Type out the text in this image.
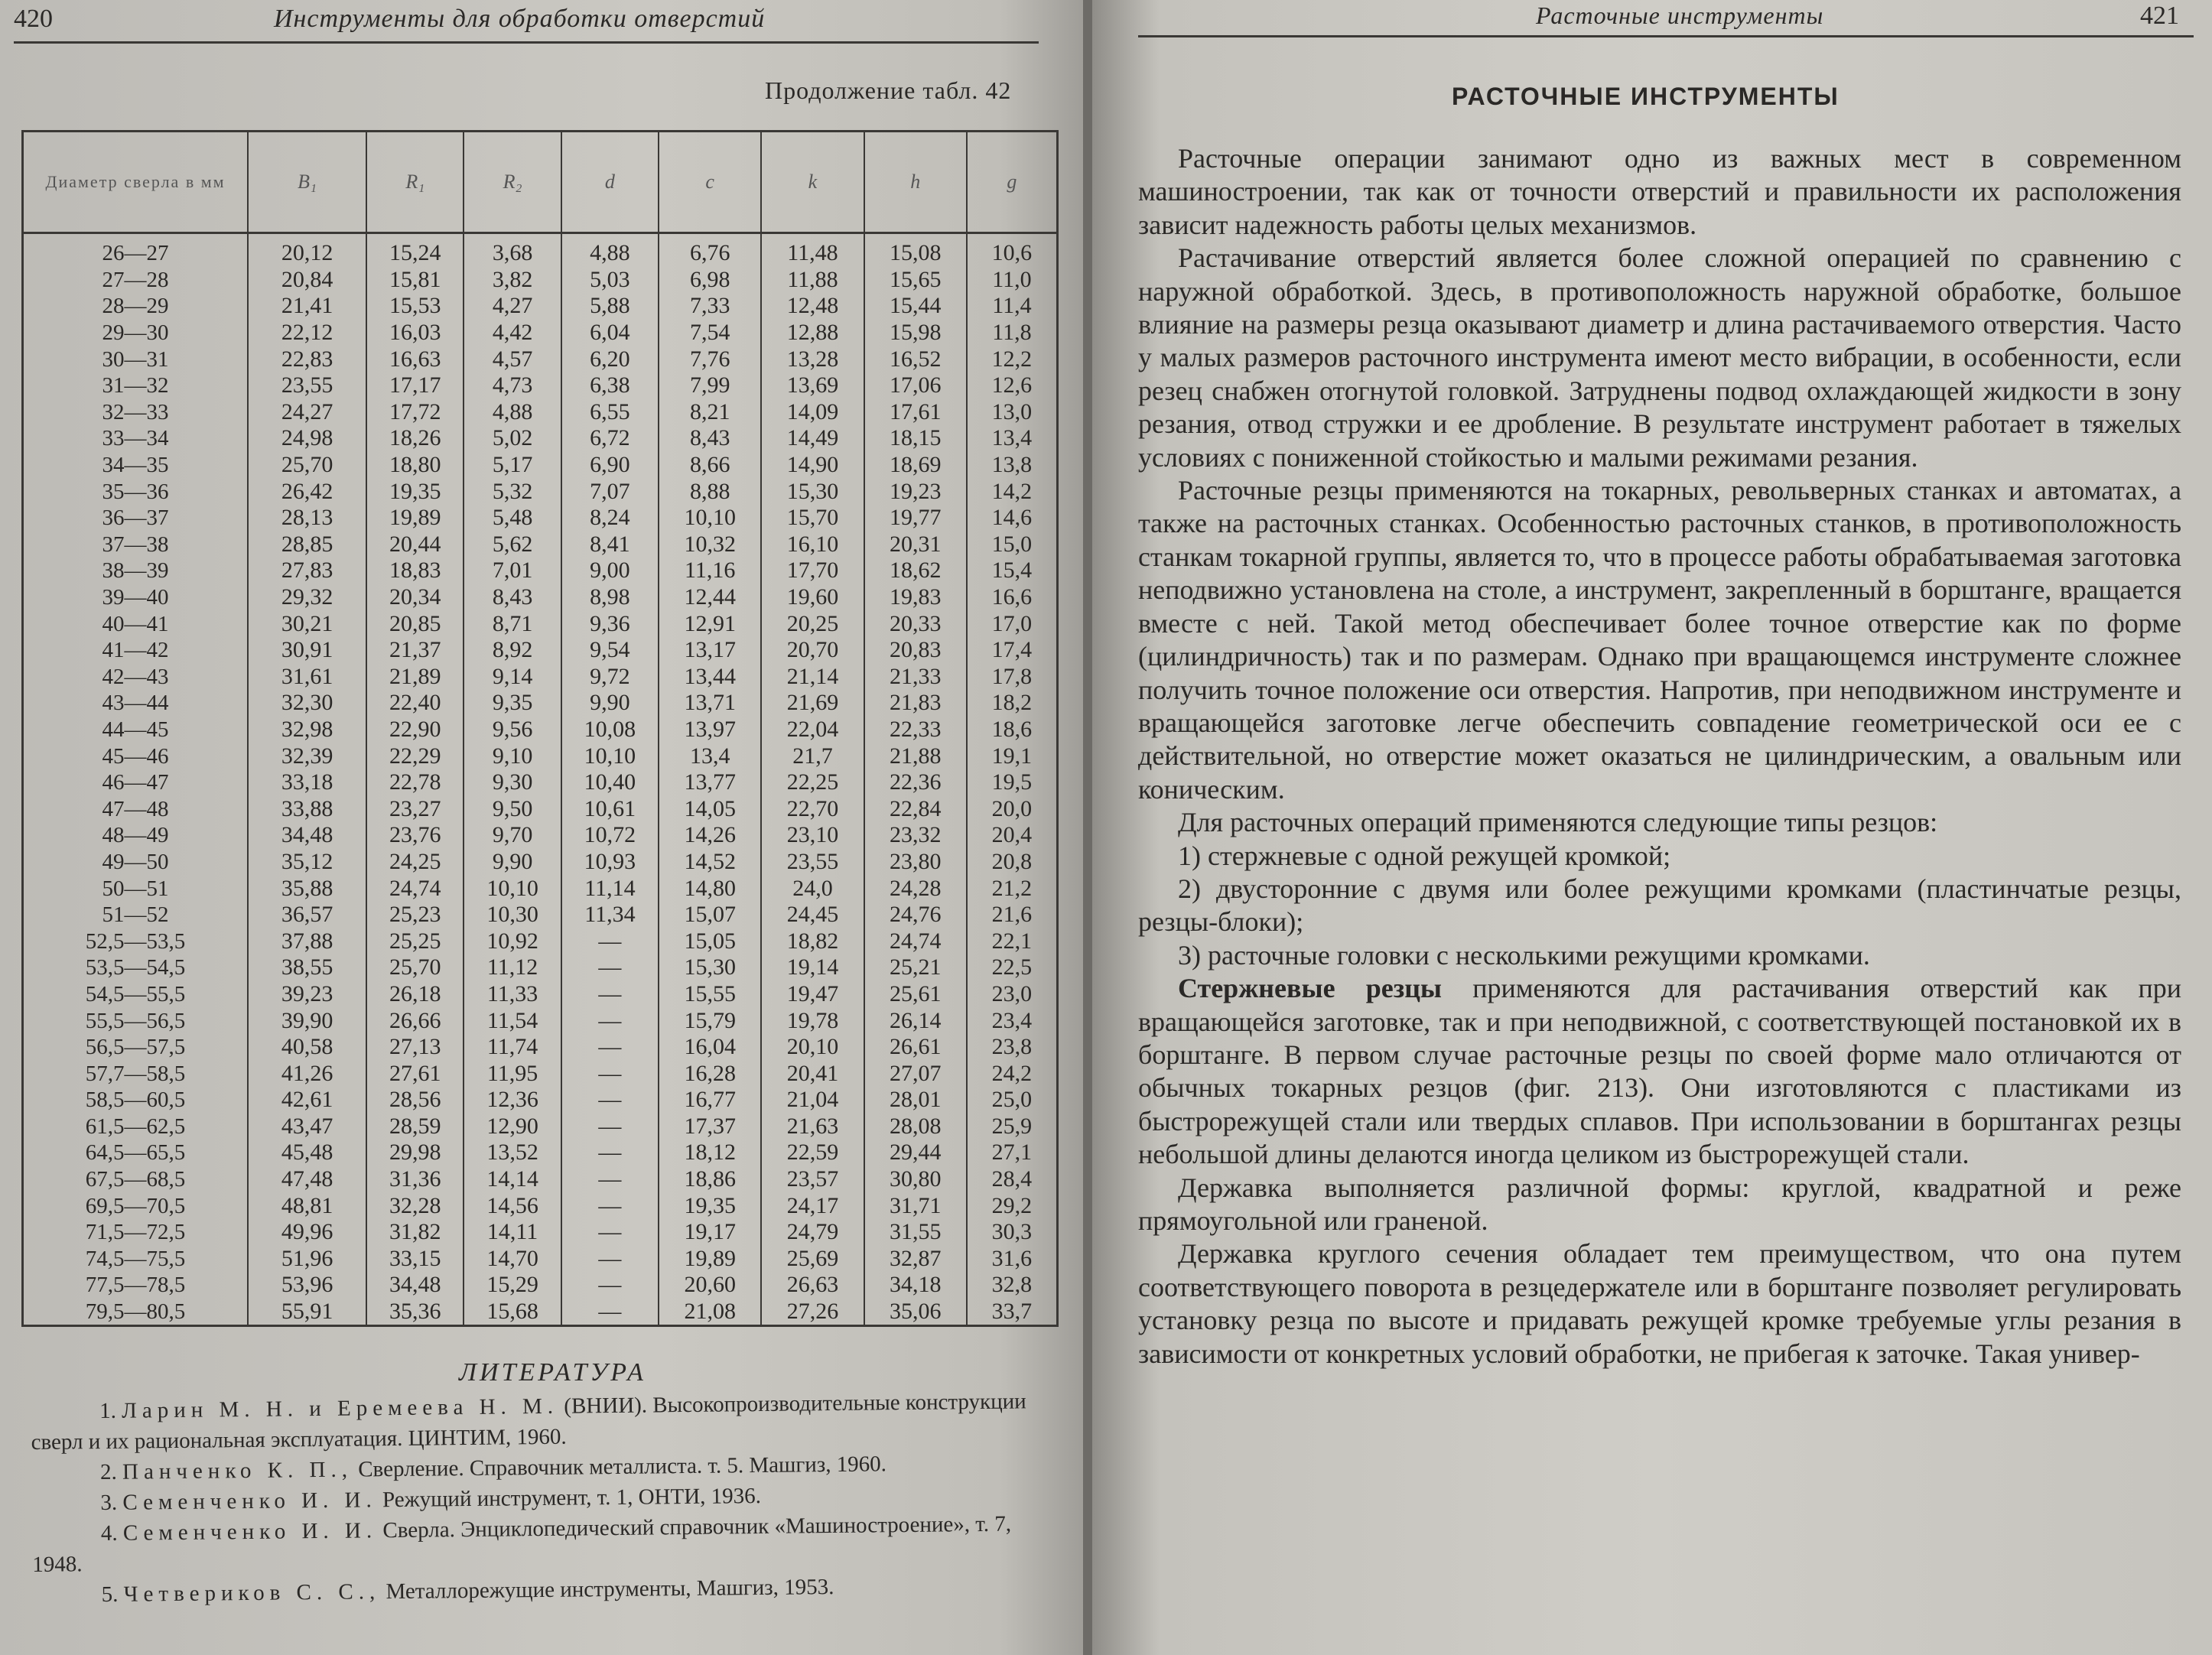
420	Инструменты для обработки отверстий
Продолжение табл. 42
Диаметр сверла в мм	B₁	R₁	R₂	d	c	k	h	g
26—27	20,12	15,24	3,68	4,88	6,76	11,48	15,08	10,6
27—28	20,84	15,81	3,82	5,03	6,98	11,88	15,65	11,0
28—29	21,41	15,53	4,27	5,88	7,33	12,48	15,44	11,4
29—30	22,12	16,03	4,42	6,04	7,54	12,88	15,98	11,8
30—31	22,83	16,63	4,57	6,20	7,76	13,28	16,52	12,2
31—32	23,55	17,17	4,73	6,38	7,99	13,69	17,06	12,6
32—33	24,27	17,72	4,88	6,55	8,21	14,09	17,61	13,0
33—34	24,98	18,26	5,02	6,72	8,43	14,49	18,15	13,4
34—35	25,70	18,80	5,17	6,90	8,66	14,90	18,69	13,8
35—36	26,42	19,35	5,32	7,07	8,88	15,30	19,23	14,2
36—37	28,13	19,89	5,48	8,24	10,10	15,70	19,77	14,6
37—38	28,85	20,44	5,62	8,41	10,32	16,10	20,31	15,0
38—39	27,83	18,83	7,01	9,00	11,16	17,70	18,62	15,4
39—40	29,32	20,34	8,43	8,98	12,44	19,60	19,83	16,6
40—41	30,21	20,85	8,71	9,36	12,91	20,25	20,33	17,0
41—42	30,91	21,37	8,92	9,54	13,17	20,70	20,83	17,4
42—43	31,61	21,89	9,14	9,72	13,44	21,14	21,33	17,8
43—44	32,30	22,40	9,35	9,90	13,71	21,69	21,83	18,2
44—45	32,98	22,90	9,56	10,08	13,97	22,04	22,33	18,6
45—46	32,39	22,29	9,10	10,10	13,4	21,7	21,88	19,1
46—47	33,18	22,78	9,30	10,40	13,77	22,25	22,36	19,5
47—48	33,88	23,27	9,50	10,61	14,05	22,70	22,84	20,0
48—49	34,48	23,76	9,70	10,72	14,26	23,10	23,32	20,4
49—50	35,12	24,25	9,90	10,93	14,52	23,55	23,80	20,8
50—51	35,88	24,74	10,10	11,14	14,80	24,0	24,28	21,2
51—52	36,57	25,23	10,30	11,34	15,07	24,45	24,76	21,6
52,5—53,5	37,88	25,25	10,92	—	15,05	18,82	24,74	22,1
53,5—54,5	38,55	25,70	11,12	—	15,30	19,14	25,21	22,5
54,5—55,5	39,23	26,18	11,33	—	15,55	19,47	25,61	23,0
55,5—56,5	39,90	26,66	11,54	—	15,79	19,78	26,14	23,4
56,5—57,5	40,58	27,13	11,74	—	16,04	20,10	26,61	23,8
57,7—58,5	41,26	27,61	11,95	—	16,28	20,41	27,07	24,2
58,5—60,5	42,61	28,56	12,36	—	16,77	21,04	28,01	25,0
61,5—62,5	43,47	28,59	12,90	—	17,37	21,63	28,08	25,9
64,5—65,5	45,48	29,98	13,52	—	18,12	22,59	29,44	27,1
67,5—68,5	47,48	31,36	14,14	—	18,86	23,57	30,80	28,4
69,5—70,5	48,81	32,28	14,56	—	19,35	24,17	31,71	29,2
71,5—72,5	49,96	31,82	14,11	—	19,17	24,79	31,55	30,3
74,5—75,5	51,96	33,15	14,70	—	19,89	25,69	32,87	31,6
77,5—78,5	53,96	34,48	15,29	—	20,60	26,63	34,18	32,8
79,5—80,5	55,91	35,36	15,68	—	21,08	27,26	35,06	33,7
ЛИТЕРАТУРА

1. Ларин М. Н. и Еремеева Н. М. (ВНИИ). Высокопроизводительные конструкции сверл и их рациональная эксплуатация. ЦИНТИМ, 1960.

2. Панченко К. П., Сверление. Справочник металлиста. т. 5. Машгиз, 1960.

3. Семенченко И. И. Режущий инструмент, т. 1, ОНТИ, 1936.

4. Семенченко И. И. Сверла. Энциклопедический справочник «Машиностроение», т. 7, 1948.

5. Четвериков С. С., Металлорежущие инструменты, Машгиз, 1953.

Расточные инструменты	421
РАСТОЧНЫЕ ИНСТРУМЕНТЫ

Расточные операции занимают одно из важных мест в современном машиностроении, так как от точности отверстий и правильности их расположения зависит надежность работы целых механизмов.

Растачивание отверстий является более сложной операцией по сравнению с наружной обработкой. Здесь, в противоположность наружной обработке, большое влияние на размеры резца оказывают диаметр и длина растачиваемого отверстия. Часто у малых размеров расточного инструмента имеют место вибрации, в особенности, если резец снабжен отогнутой головкой. Затруднены подвод охлаждающей жидкости в зону резания, отвод стружки и ее дробление. В результате инструмент работает в тяжелых условиях с пониженной стойкостью и малыми режимами резания.

Расточные резцы применяются на токарных, револьверных станках и автоматах, а также на расточных станках. Особенностью расточных станков, в противоположность станкам токарной группы, является то, что в процессе работы обрабатываемая заготовка неподвижно установлена на столе, а инструмент, закрепленный в борштанге, вращается вместе с ней. Такой метод обеспечивает более точное отверстие как по форме (цилиндричность) так и по размерам. Однако при вращающемся инструменте сложнее получить точное положение оси отверстия. Напротив, при неподвижном инструменте и вращающейся заготовке легче обеспечить совпадение геометрической оси ее с действительной, но отверстие может оказаться не цилиндрическим, а овальным или коническим.

Для расточных операций применяются следующие типы резцов:

1) стержневые с одной режущей кромкой;

2) двусторонние с двумя или более режущими кромками (пластинчатые резцы, резцы-блоки);

3) расточные головки с несколькими режущими кромками.

Стержневые резцы применяются для растачивания отверстий как при вращающейся заготовке, так и при неподвижной, с соответствующей постановкой их в борштанге. В первом случае расточные резцы по своей форме мало отличаются от обычных токарных резцов (фиг. 213). Они изготовляются с пластиками из быстрорежущей стали или твердых сплавов. При использовании в борштангах резцы небольшой длины делаются иногда целиком из быстрорежущей стали.

Державка выполняется различной формы: круглой, квадратной и реже прямоугольной или граненой.

Державка круглого сечения обладает тем преимуществом, что она путем соответствующего поворота в резцедержателе или в борштанге позволяет регулировать установку резца по высоте и придавать режущей кромке требуемые углы резания в зависимости от конкретных условий обработки, не прибегая к заточке. Такая универ-
